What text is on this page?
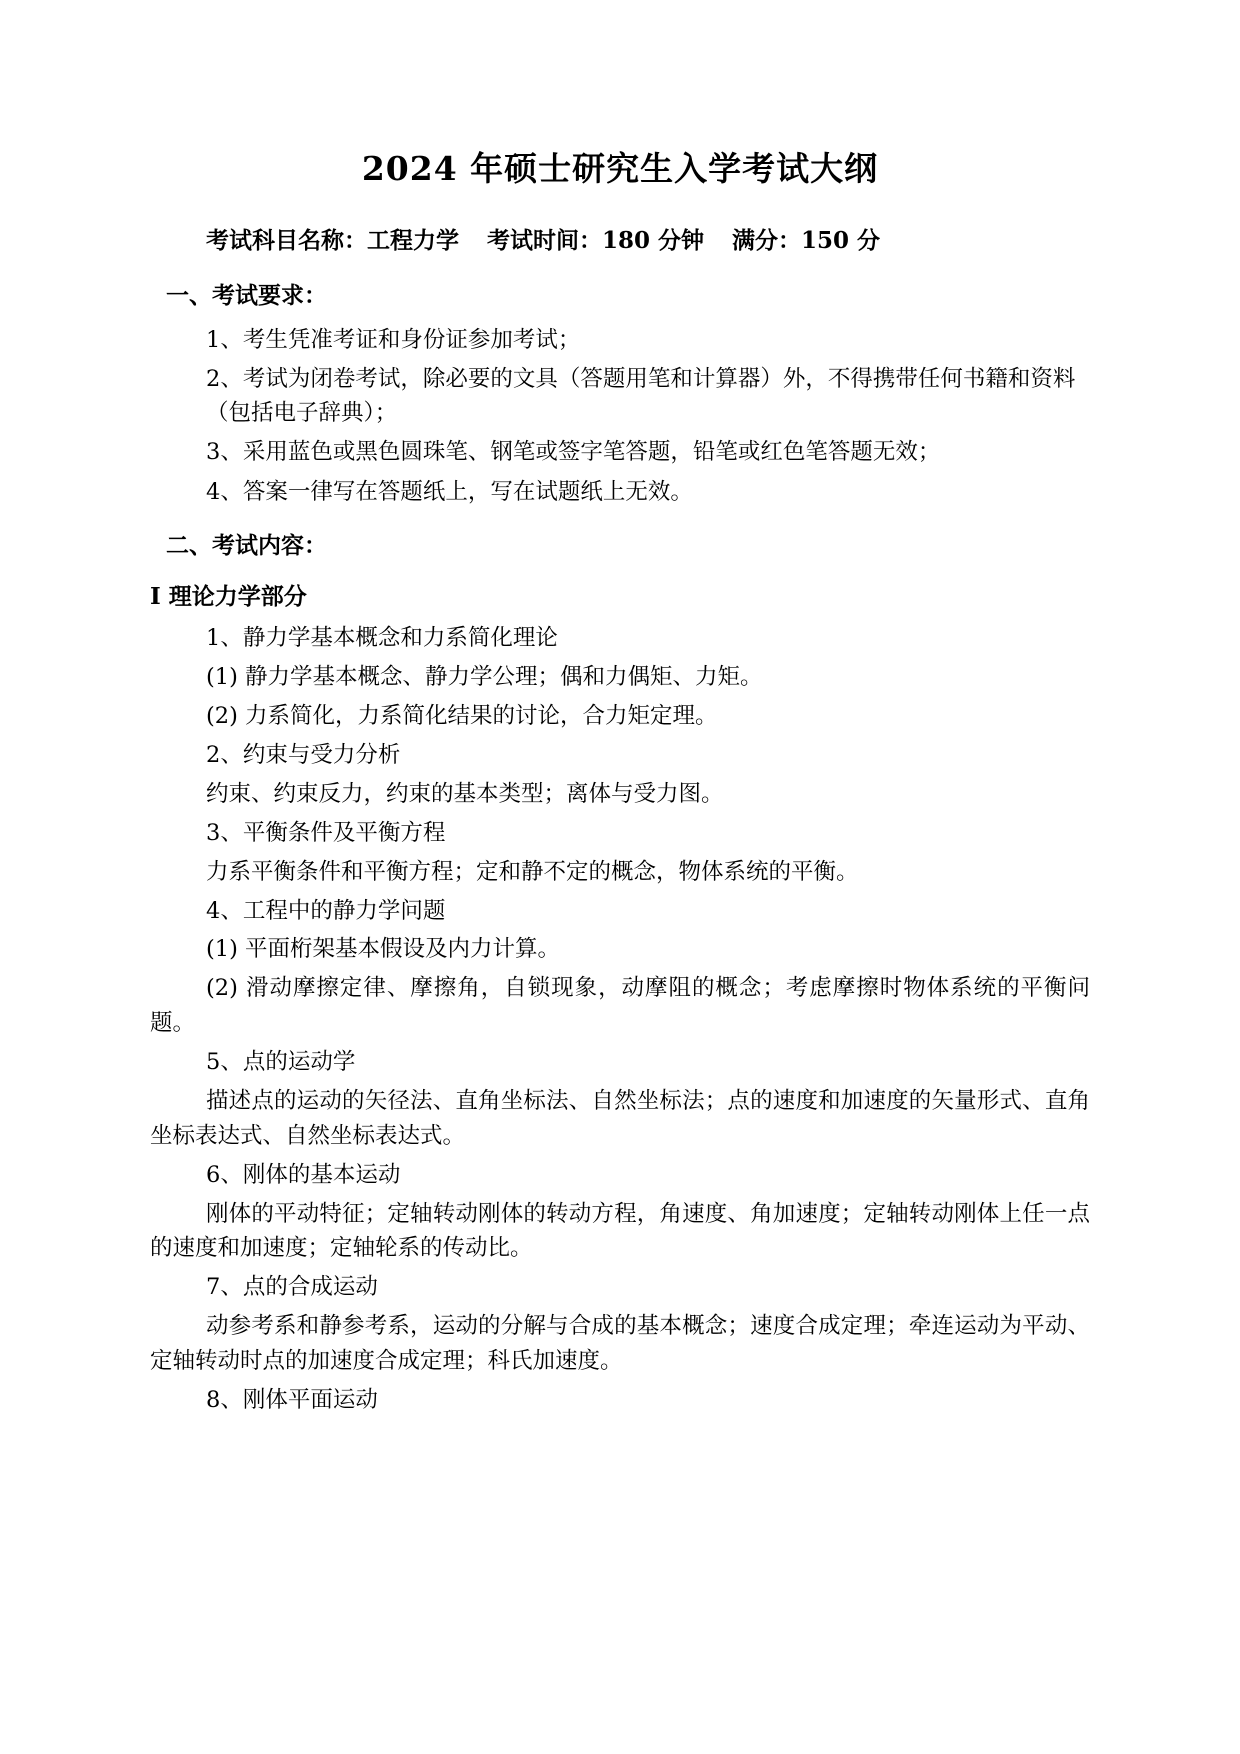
2024 年硕士研究生入学考试大纲

考试科目名称：工程力学 考试时间：180 分钟 满分：150 分

一、考试要求：

1、考生凭准考证和身份证参加考试；

2、考试为闭卷考试，除必要的文具（答题用笔和计算器）外，不得携带任何书籍和资料（包括电子辞典）；

3、采用蓝色或黑色圆珠笔、钢笔或签字笔答题，铅笔或红色笔答题无效；

4、答案一律写在答题纸上，写在试题纸上无效。

二、考试内容：
I 理论力学部分

1、静力学基本概念和力系简化理论

(1) 静力学基本概念、静力学公理；偶和力偶矩、力矩。

(2) 力系简化，力系简化结果的讨论，合力矩定理。

2、约束与受力分析

约束、约束反力，约束的基本类型；离体与受力图。

3、平衡条件及平衡方程

力系平衡条件和平衡方程；定和静不定的概念，物体系统的平衡。

4、工程中的静力学问题

(1) 平面桁架基本假设及内力计算。

(2) 滑动摩擦定律、摩擦角，自锁现象，动摩阻的概念；考虑摩擦时物体系统的平衡问题。

5、点的运动学

描述点的运动的矢径法、直角坐标法、自然坐标法；点的速度和加速度的矢量形式、直角坐标表达式、自然坐标表达式。

6、刚体的基本运动

刚体的平动特征；定轴转动刚体的转动方程，角速度、角加速度；定轴转动刚体上任一点的速度和加速度；定轴轮系的传动比。

7、点的合成运动

动参考系和静参考系，运动的分解与合成的基本概念；速度合成定理；牵连运动为平动、定轴转动时点的加速度合成定理；科氏加速度。

8、刚体平面运动
